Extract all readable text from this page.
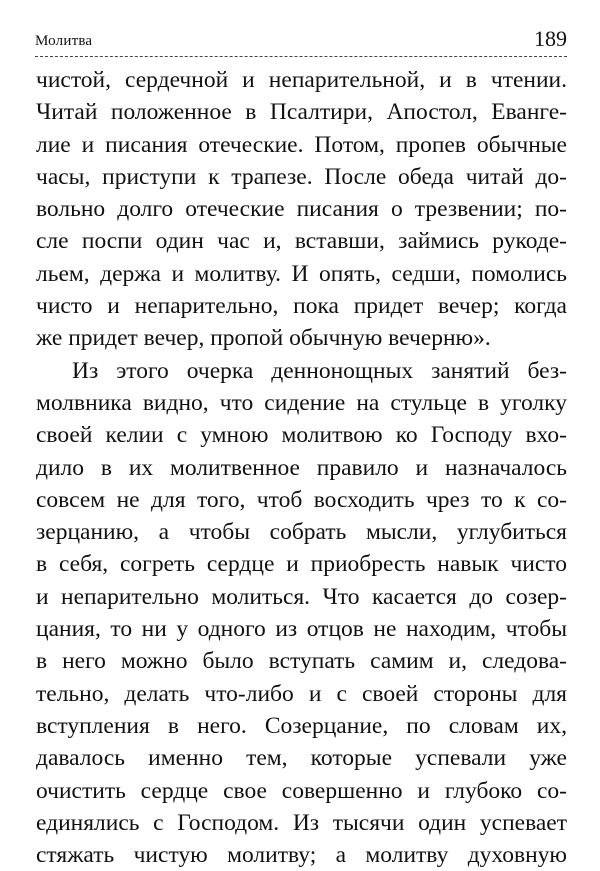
Молитва	189
чистой, сердечной и непарительной, и в чтении.
Читай положенное в Псалтири, Апостол, Еванге-
лие и писания отеческие. Потом, пропев обычные
часы, приступи к трапезе. После обеда читай до-
вольно долго отеческие писания о трезвении; по-
сле поспи один час и, вставши, займись рукоде-
льем, держа и молитву. И опять, седши, помолись
чисто и непарительно, пока придет вечер; когда
же придет вечер, пропой обычную вечерню».
Из этого очерка деннонощных занятий без-
молвника видно, что сидение на стульце в уголку
своей келии с умною молитвою ко Господу вхо-
дило в их молитвенное правило и назначалось
совсем не для того, чтоб восходить чрез то к со-
зерцанию, а чтобы собрать мысли, углубиться
в себя, согреть сердце и приобресть навык чисто
и непарительно молиться. Что касается до созер-
цания, то ни у одного из отцов не находим, чтобы
в него можно было вступать самим и, следова-
тельно, делать что-либо и с своей стороны для
вступления в него. Созерцание, по словам их,
давалось именно тем, которые успевали уже
очистить сердце свое совершенно и глубоко со-
единялись с Господом. Из тысячи один успевает
стяжать чистую молитву; а молитву духовную
